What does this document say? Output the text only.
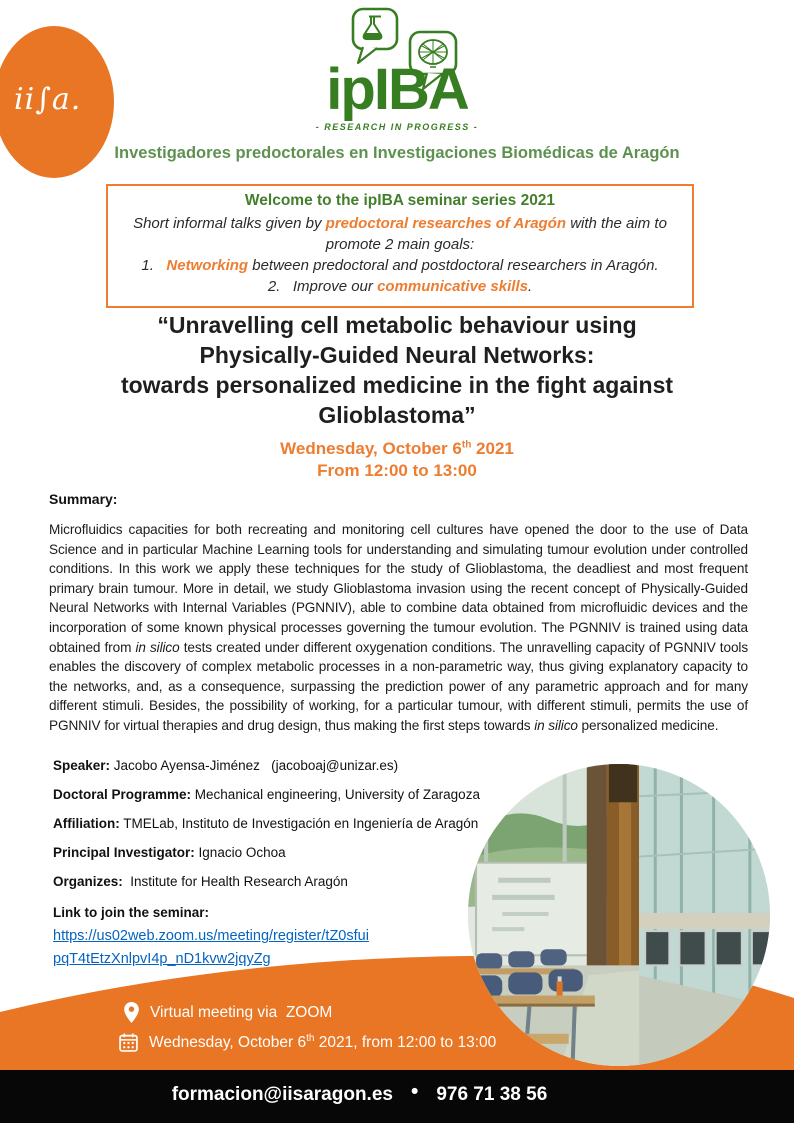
ii∫a.	ipIBA
- RESEARCH IN PROGRESS -
Investigadores predoctorales en Investigaciones Biomédicas de Aragón
Welcome to the ipIBA seminar series 2021
Short informal talks given by predoctoral researches of Aragón with the aim to promote 2 main goals:
1.   Networking between predoctoral and postdoctoral researchers in Aragón.
2.   Improve our communicative skills.
“Unravelling cell metabolic behaviour using
Physically-Guided Neural Networks:
towards personalized medicine in the fight against
Glioblastoma”
Wednesday, October 6th 2021
From 12:00 to 13:00
Summary:
Microfluidics capacities for both recreating and monitoring cell cultures have opened the door to the use of Data Science and in particular Machine Learning tools for understanding and simulating tumour evolution under controlled conditions. In this work we apply these techniques for the study of Glioblastoma, the deadliest and most frequent primary brain tumour. More in detail, we study Glioblastoma invasion using the recent concept of Physically-Guided Neural Networks with Internal Variables (PGNNIV), able to combine data obtained from microfluidic devices and the incorporation of some known physical processes governing the tumour evolution. The PGNNIV is trained using data obtained from in silico tests created under different oxygenation conditions. The unravelling capacity of PGNNIV tools enables the discovery of complex metabolic processes in a non-parametric way, thus giving explanatory capacity to the networks, and, as a consequence, surpassing the prediction power of any parametric approach and for many different stimuli. Besides, the possibility of working, for a particular tumour, with different stimuli, permits the use of PGNNIV for virtual therapies and drug design, thus making the first steps towards in silico personalized medicine.
Speaker: Jacobo Ayensa-Jiménez   (jacoboaj@unizar.es)
Doctoral Programme: Mechanical engineering, University of Zaragoza
Affiliation: TMELab, Instituto de Investigación en Ingeniería de Aragón
Principal Investigator: Ignacio Ochoa
Organizes:  Institute for Health Research Aragón
Link to join the seminar:
https://us02web.zoom.us/meeting/register/tZ0sfui
pqT4tEtzXnlpvI4p_nD1kvw2jqyZg
Virtual meeting via  ZOOM
Wednesday, October 6th 2021, from 12:00 to 13:00
formacion@iisaragon.es • 976 71 38 56
